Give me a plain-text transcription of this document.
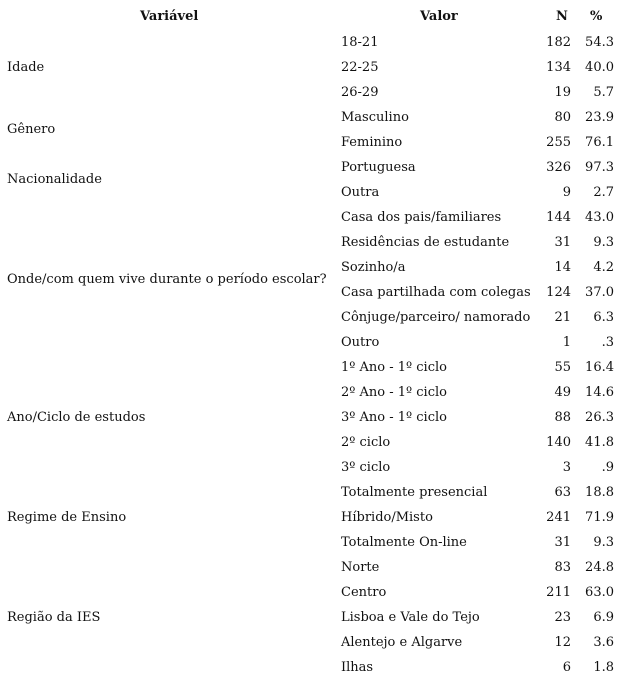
Variável	Valor	N %
Idade
18-21	182 54.3
22-25	134 40.0
26-29	19 5.7
Gênero
Masculino	80 23.9
Feminino	255 76.1
Nacionalidade
Portuguesa	326 97.3
Outra	9 2.7
Onde/com quem vive durante o período escolar?
Casa dos pais/familiares	144 43.0
Residências de estudante	31 9.3
Sozinho/a	14 4.2
Casa partilhada com colegas 124 37.0
Cônjuge/parceiro/ namorado 21 6.3
Outro	1 .3
Ano/Ciclo de estudos
1º Ano - 1º ciclo	55 16.4
2º Ano - 1º ciclo	49 14.6
3º Ano - 1º ciclo	88 26.3
2º ciclo	140 41.8
3º ciclo	3 .9
Regime de Ensino
Totalmente presencial	63 18.8
Híbrido/Misto	241 71.9
Totalmente On-line	31 9.3
Região da IES
Norte	83 24.8
Centro	211 63.0
Lisboa e Vale do Tejo	23 6.9
Alentejo e Algarve	12 3.6
Ilhas	6 1.8
